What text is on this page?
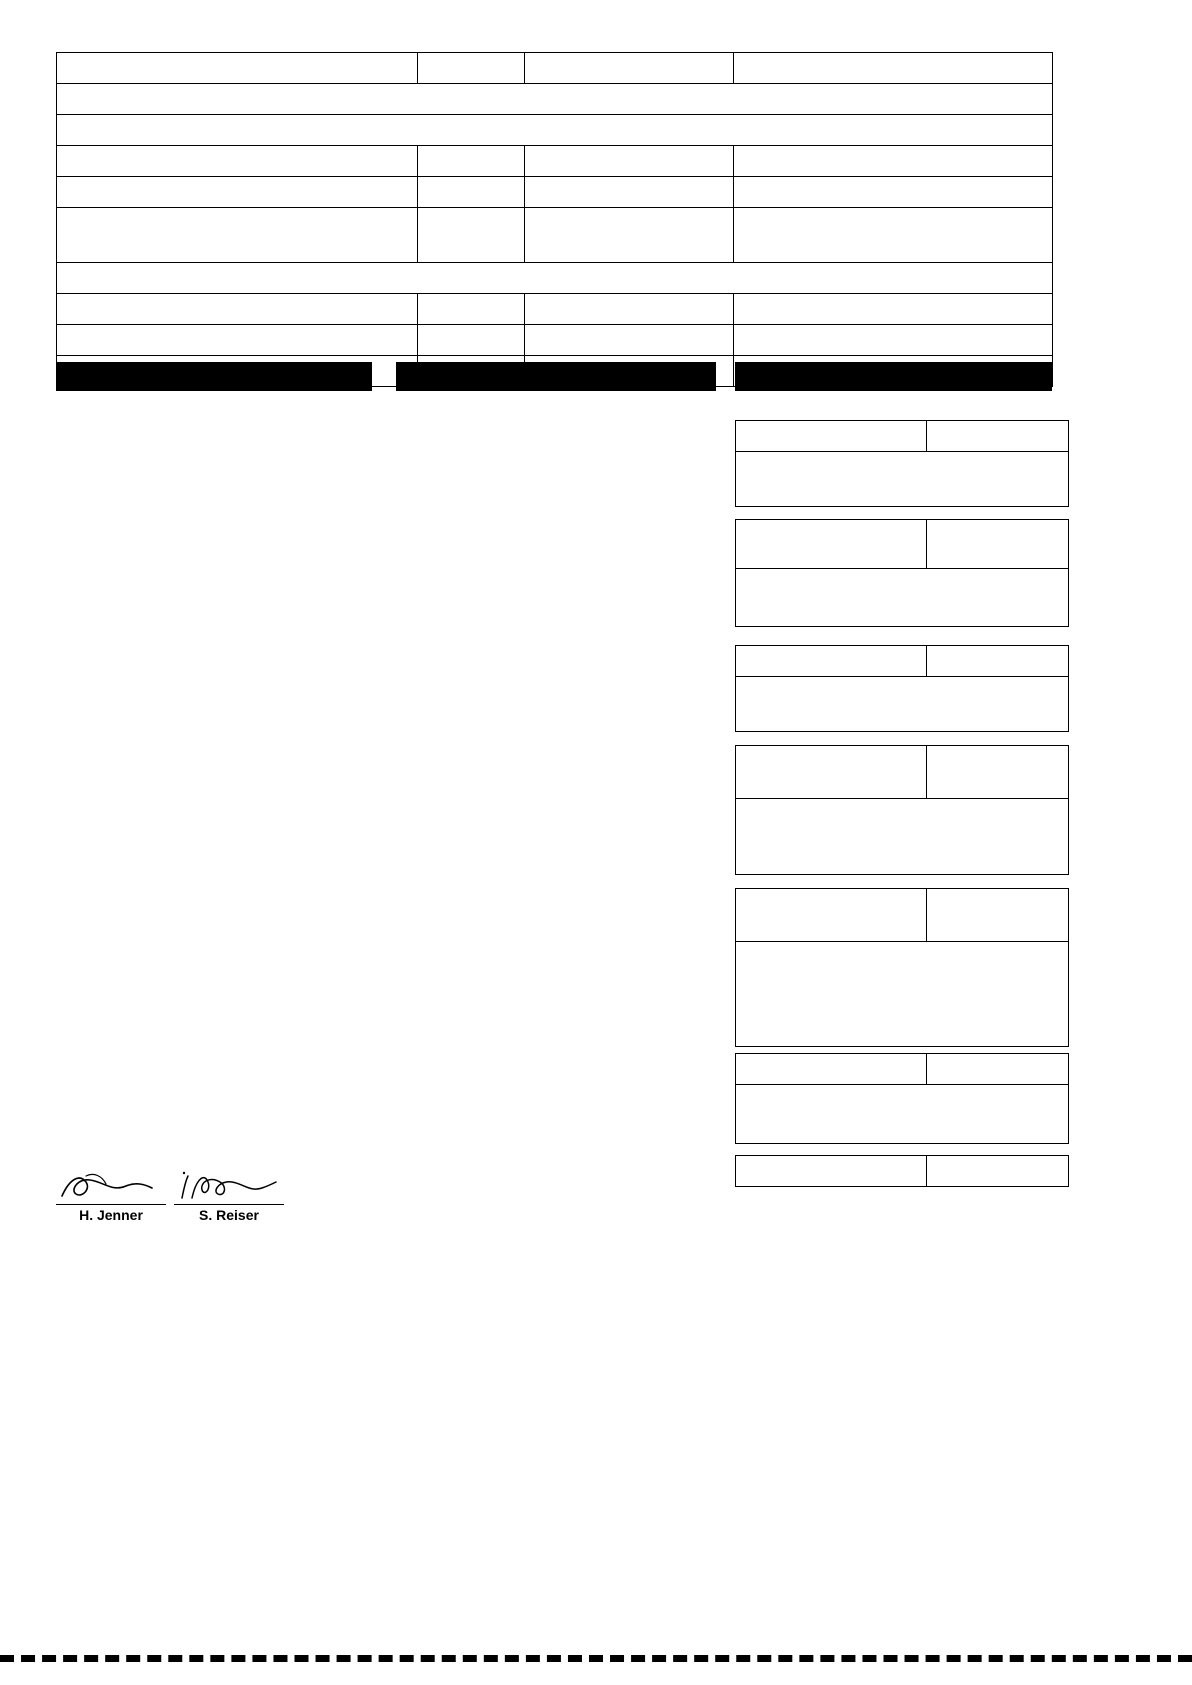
H. Jenner	S. Reiser
